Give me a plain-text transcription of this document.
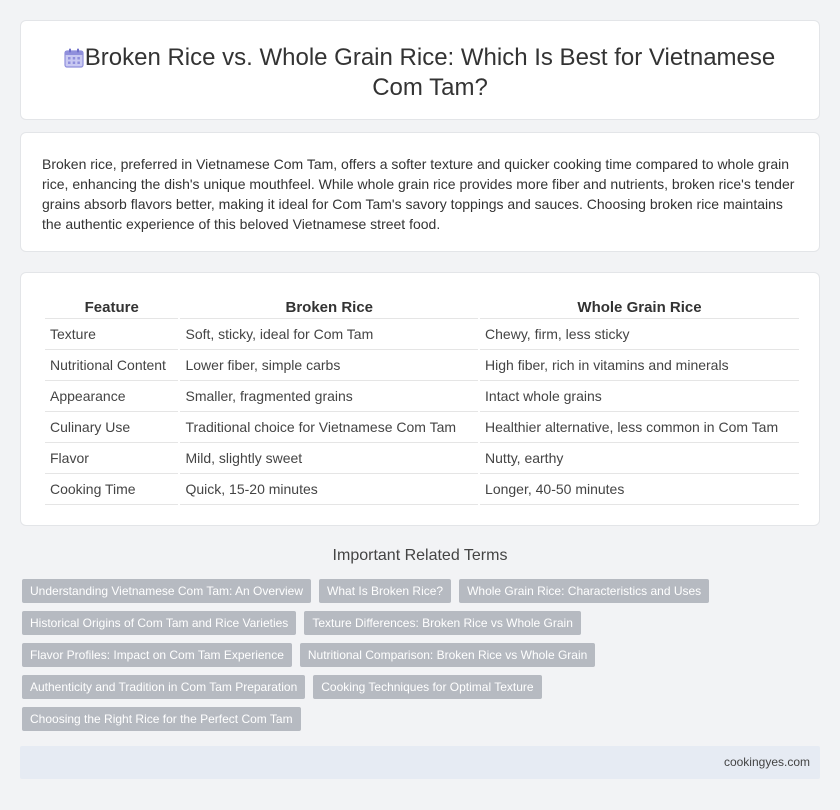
Broken Rice vs. Whole Grain Rice: Which Is Best for Vietnamese Com Tam?

Broken rice, preferred in Vietnamese Com Tam, offers a softer texture and quicker cooking time compared to whole grain rice, enhancing the dish's unique mouthfeel. While whole grain rice provides more fiber and nutrients, broken rice's tender grains absorb flavors better, making it ideal for Com Tam's savory toppings and sauces. Choosing broken rice maintains the authentic experience of this beloved Vietnamese street food.

Feature	Broken Rice	Whole Grain Rice
Texture	Soft, sticky, ideal for Com Tam	Chewy, firm, less sticky
Nutritional Content	Lower fiber, simple carbs	High fiber, rich in vitamins and minerals
Appearance	Smaller, fragmented grains	Intact whole grains
Culinary Use	Traditional choice for Vietnamese Com Tam	Healthier alternative, less common in Com Tam
Flavor	Mild, slightly sweet	Nutty, earthy
Cooking Time	Quick, 15-20 minutes	Longer, 40-50 minutes
Important Related Terms
Understanding Vietnamese Com Tam: An Overview	What Is Broken Rice?	Whole Grain Rice: Characteristics and Uses
Historical Origins of Com Tam and Rice Varieties	Texture Differences: Broken Rice vs Whole Grain
Flavor Profiles: Impact on Com Tam Experience	Nutritional Comparison: Broken Rice vs Whole Grain
Authenticity and Tradition in Com Tam Preparation	Cooking Techniques for Optimal Texture
Choosing the Right Rice for the Perfect Com Tam
cookingyes.com
